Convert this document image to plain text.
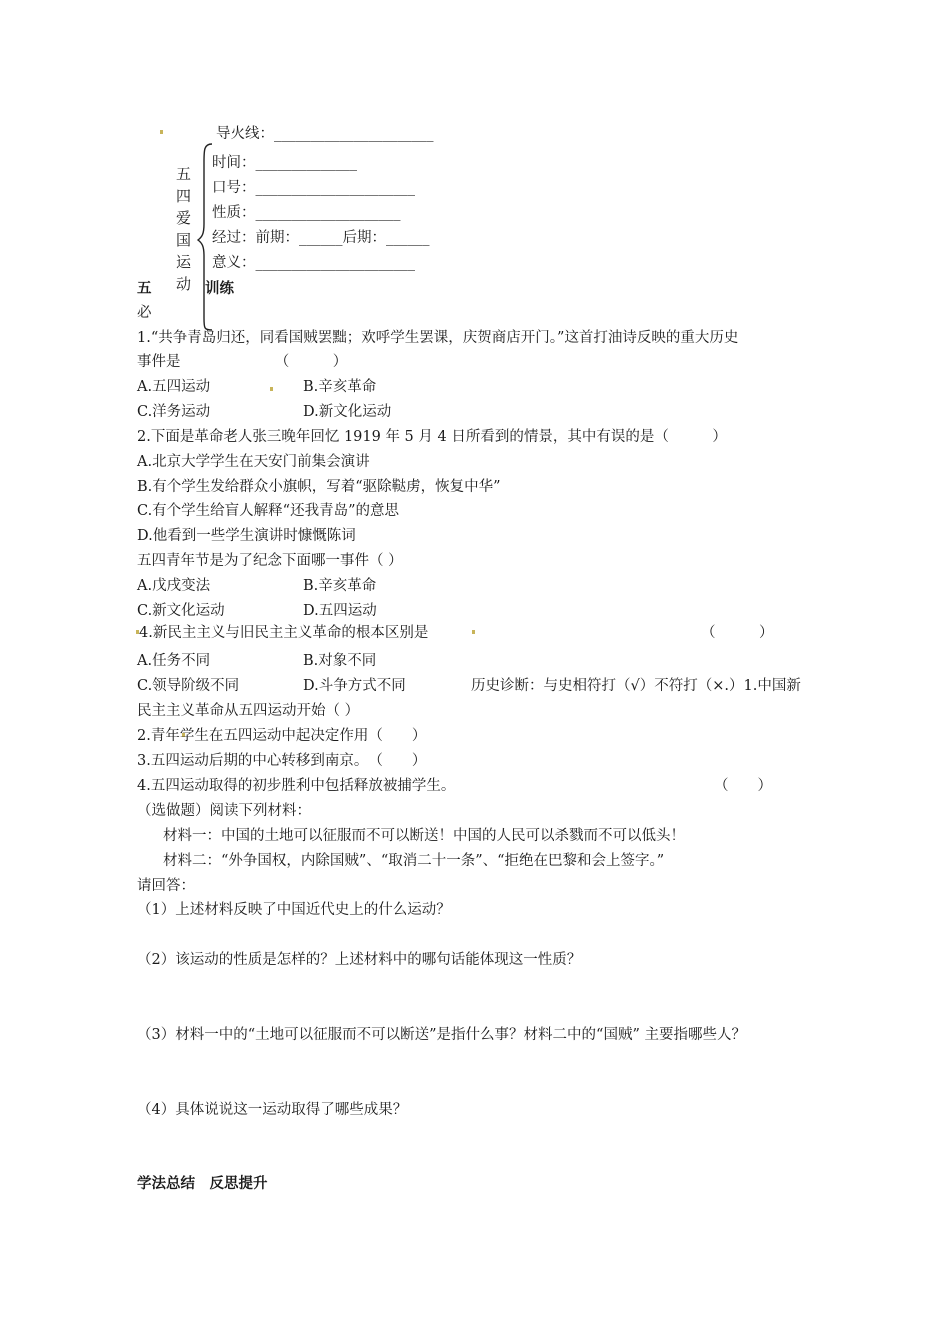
导火线：______________________
五
四
爱
国
运
动
时间：______________
口号：______________________
性质：____________________
经过：前期：______后期：______
意义：______________________
五	训练
必
1.“共争青岛归还，同看国贼罢黜；欢呼学生罢课，庆贺商店开门。”这首打油诗反映的重大历史
事件是　　　　　　　（　　　）
A.五四运动	B.辛亥革命
C.洋务运动	D.新文化运动
2.下面是革命老人张三晚年回忆 1919 年 5 月 4 日所看到的情景，其中有误的是（　　　）
A.北京大学学生在天安门前集会演讲
B.有个学生发给群众小旗帜，写着“驱除鞑虏，恢复中华”
C.有个学生给盲人解释“还我青岛”的意思
D.他看到一些学生演讲时慷慨陈词
五四青年节是为了纪念下面哪一事件（ ）
A.戊戌变法	B.辛亥革命
C.新文化运动	D.五四运动
4.新民主主义与旧民主主义革命的根本区别是	（　　　）
A.任务不同	B.对象不同
C.领导阶级不同	D.斗争方式不同	历史诊断：与史相符打（√）不符打（×.）1.中国新
民主主义革命从五四运动开始（ ）
2.青年学生在五四运动中起决定作用（　　）
3.五四运动后期的中心转移到南京。　（　　）
4.五四运动取得的初步胜利中包括释放被捕学生。	（　　）
（选做题）阅读下列材料：
材料一：中国的土地可以征服而不可以断送！中国的人民可以杀戮而不可以低头！
材料二：“外争国权，内除国贼”、“取消二十一条”、“拒绝在巴黎和会上签字。”
请回答：
（1）上述材料反映了中国近代史上的什么运动？
（2）该运动的性质是怎样的？上述材料中的哪句话能体现这一性质？
（3）材料一中的“土地可以征服而不可以断送”是指什么事？材料二中的“国贼” 主要指哪些人？
（4）具体说说这一运动取得了哪些成果？
学法总结　反思提升
